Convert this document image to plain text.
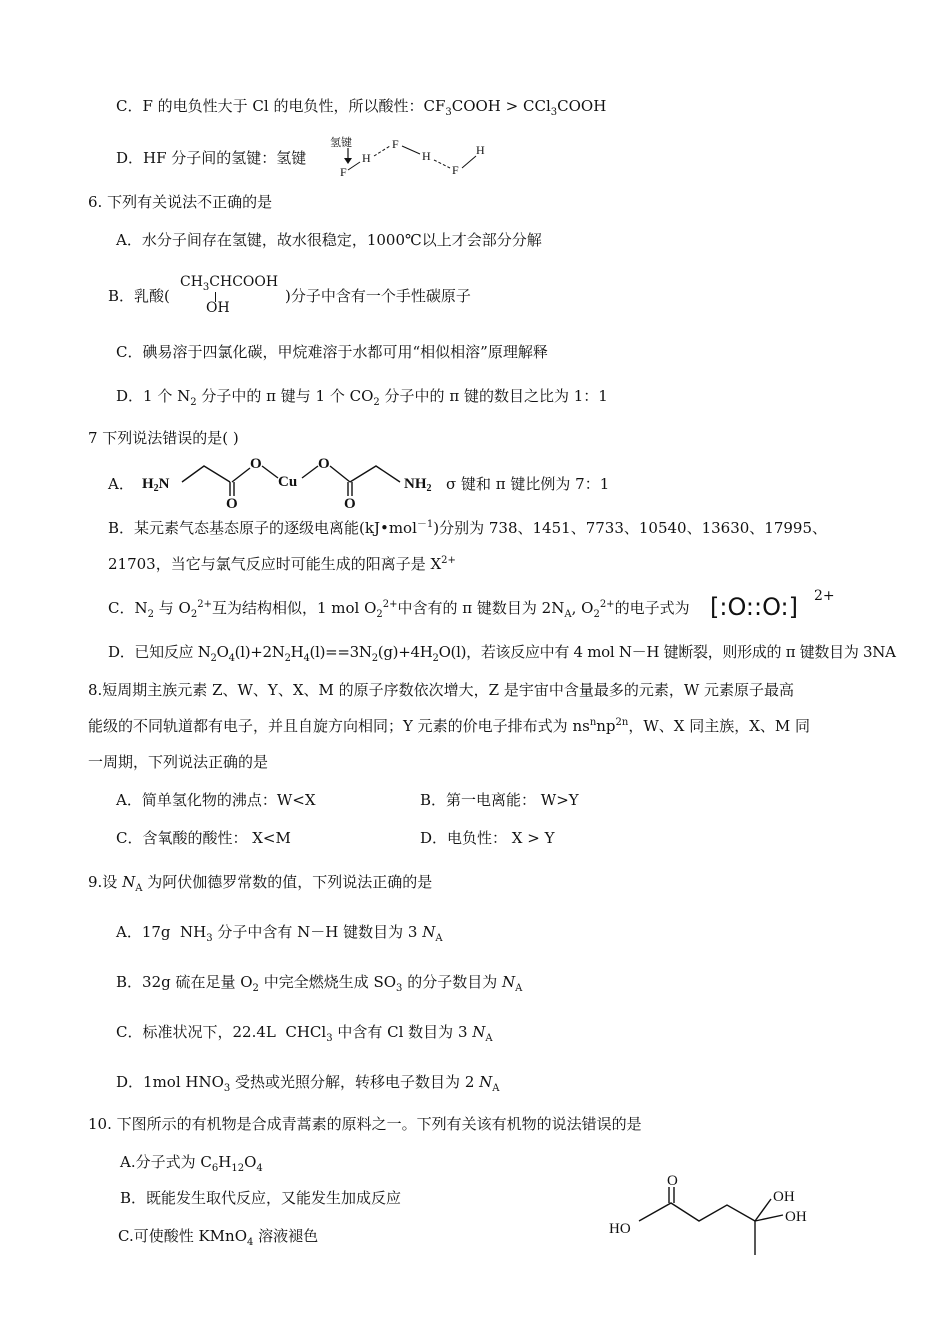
C．F 的电负性大于 Cl 的电负性，所以酸性：$CF_3COOH$ > CCl$_3$COOH
D．HF 分子间的氢键：氢键
氢键
F
H
F
H
F
H
6. 下列有关说法不正确的是
A．水分子间存在氢键，故水很稳定，1000℃以上才会部分分解
B．乳酸(
$CH_3CHCOOH$
OH
)分子中含有一个手性碳原子
C．碘易溶于四氯化碳，甲烷难溶于水都可用“相似相溶”原理解释
D．1 个 $N_2$ 分子中的 π 键与 1 个 $CO_2$ 分子中的 π 键的数目之比为 1：1
7 下列说法错误的是( )
A． $H_2N$
O
O
Cu
O
O
$NH_2$ σ 键和 π 键比例为 7：1
B．某元素气态基态原子的逐级电离能(kJ•mol$^{-1}$)分别为 738、1451、7733、10540、13630、17995、
21703，当它与氯气反应时可能生成的阳离子是 $X^{2+}$
C．$N_2$ 与 $O_2^{2+}$互为结构相似，1 mol $O_2^{2+}$中含有的 π 键数目为 $2N_A$, $O_2^{2+}$的电子式为 [:O::O:] 2+
D．已知反应 $N_2O_4(l)+2N_2H_4(l)==3N_2(g)+4H_2O(l)$，若该反应中有 4 mol N－H 键断裂，则形成的 π 键数目为 3NA
8.短周期主族元素 Z、W、Y、X、M 的原子序数依次增大，Z 是宇宙中含量最多的元素，W 元素原子最高
能级的不同轨道都有电子，并且自旋方向相同；Y 元素的价电子排布式为 $ns^nnp^{2n}$，W、X 同主族，X、M 同
一周期，下列说法正确的是
A．简单氢化物的沸点：W<X	B．第一电离能： W>Y
C．含氧酸的酸性： X<M	D．电负性： X > Y
9.设 $N_A$ 为阿伏伽德罗常数的值，下列说法正确的是
A．17g  $NH_3$ 分子中含有 N－H 键数目为 3 $N_A$
B．32g 硫在足量 $O_2$ 中完全燃烧生成 $SO_3$ 的分子数目为 $N_A$
C．标准状况下，22.4L  CHCl$_3$ 中含有 Cl 数目为 3 $N_A$
D．1mol $HNO_3$ 受热或光照分解，转移电子数目为 2 $N_A$
10. 下图所示的有机物是合成青蒿素的原料之一。下列有关该有机物的说法错误的是
A.分子式为 $C_6H_{12}O_4$
B．既能发生取代反应，又能发生加成反应
C.可使酸性 KMnO$_4$ 溶液褪色
O
HO
OH
OH
